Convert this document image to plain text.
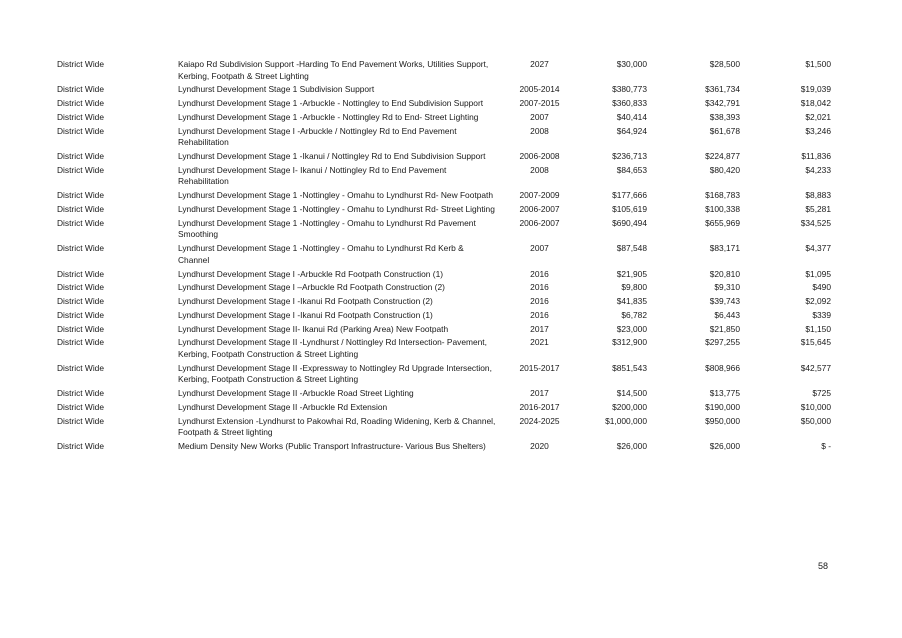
District Wide	Kaiapo Rd Subdivision Support -Harding To End Pavement Works, Utilities Support, Kerbing, Footpath & Street Lighting	2027	$30,000	$28,500	$1,500
District Wide	Lyndhurst Development Stage 1 Subdivision Support	2005-2014	$380,773	$361,734	$19,039
District Wide	Lyndhurst Development Stage 1 -Arbuckle - Nottingley to End Subdivision Support	2007-2015	$360,833	$342,791	$18,042
District Wide	Lyndhurst Development Stage 1 -Arbuckle - Nottingley Rd to End- Street Lighting	2007	$40,414	$38,393	$2,021
District Wide	Lyndhurst Development Stage I -Arbuckle / Nottingley Rd to End Pavement Rehabilitation	2008	$64,924	$61,678	$3,246
District Wide	Lyndhurst Development Stage 1 -Ikanui / Nottingley Rd to End Subdivision Support	2006-2008	$236,713	$224,877	$11,836
District Wide	Lyndhurst Development Stage I- Ikanui / Nottingley Rd to End Pavement Rehabilitation	2008	$84,653	$80,420	$4,233
District Wide	Lyndhurst Development Stage 1 -Nottingley - Omahu to Lyndhurst Rd- New Footpath	2007-2009	$177,666	$168,783	$8,883
District Wide	Lyndhurst Development Stage 1 -Nottingley - Omahu to Lyndhurst Rd- Street Lighting	2006-2007	$105,619	$100,338	$5,281
District Wide	Lyndhurst Development Stage 1 -Nottingley - Omahu to Lyndhurst Rd Pavement Smoothing	2006-2007	$690,494	$655,969	$34,525
District Wide	Lyndhurst Development Stage 1 -Nottingley - Omahu to Lyndhurst Rd Kerb & Channel	2007	$87,548	$83,171	$4,377
District Wide	Lyndhurst Development Stage I -Arbuckle Rd Footpath Construction (1)	2016	$21,905	$20,810	$1,095
District Wide	Lyndhurst Development Stage I –Arbuckle Rd Footpath Construction (2)	2016	$9,800	$9,310	$490
District Wide	Lyndhurst Development Stage I -Ikanui Rd Footpath Construction (2)	2016	$41,835	$39,743	$2,092
District Wide	Lyndhurst Development Stage I -Ikanui Rd Footpath Construction (1)	2016	$6,782	$6,443	$339
District Wide	Lyndhurst Development Stage II- Ikanui Rd (Parking Area) New Footpath	2017	$23,000	$21,850	$1,150
District Wide	Lyndhurst Development Stage II -Lyndhurst / Nottingley Rd Intersection- Pavement, Kerbing, Footpath Construction & Street Lighting	2021	$312,900	$297,255	$15,645
District Wide	Lyndhurst Development Stage II -Expressway to Nottingley Rd Upgrade Intersection, Kerbing, Footpath Construction & Street Lighting	2015-2017	$851,543	$808,966	$42,577
District Wide	Lyndhurst Development Stage II -Arbuckle Road Street Lighting	2017	$14,500	$13,775	$725
District Wide	Lyndhurst Development Stage II -Arbuckle Rd Extension	2016-2017	$200,000	$190,000	$10,000
District Wide	Lyndhurst Extension -Lyndhurst to Pakowhai Rd, Roading Widening, Kerb & Channel, Footpath & Street lighting	2024-2025	$1,000,000	$950,000	$50,000
District Wide	Medium Density New Works (Public Transport Infrastructure- Various Bus Shelters)	2020	$26,000	$26,000	$ -
58
